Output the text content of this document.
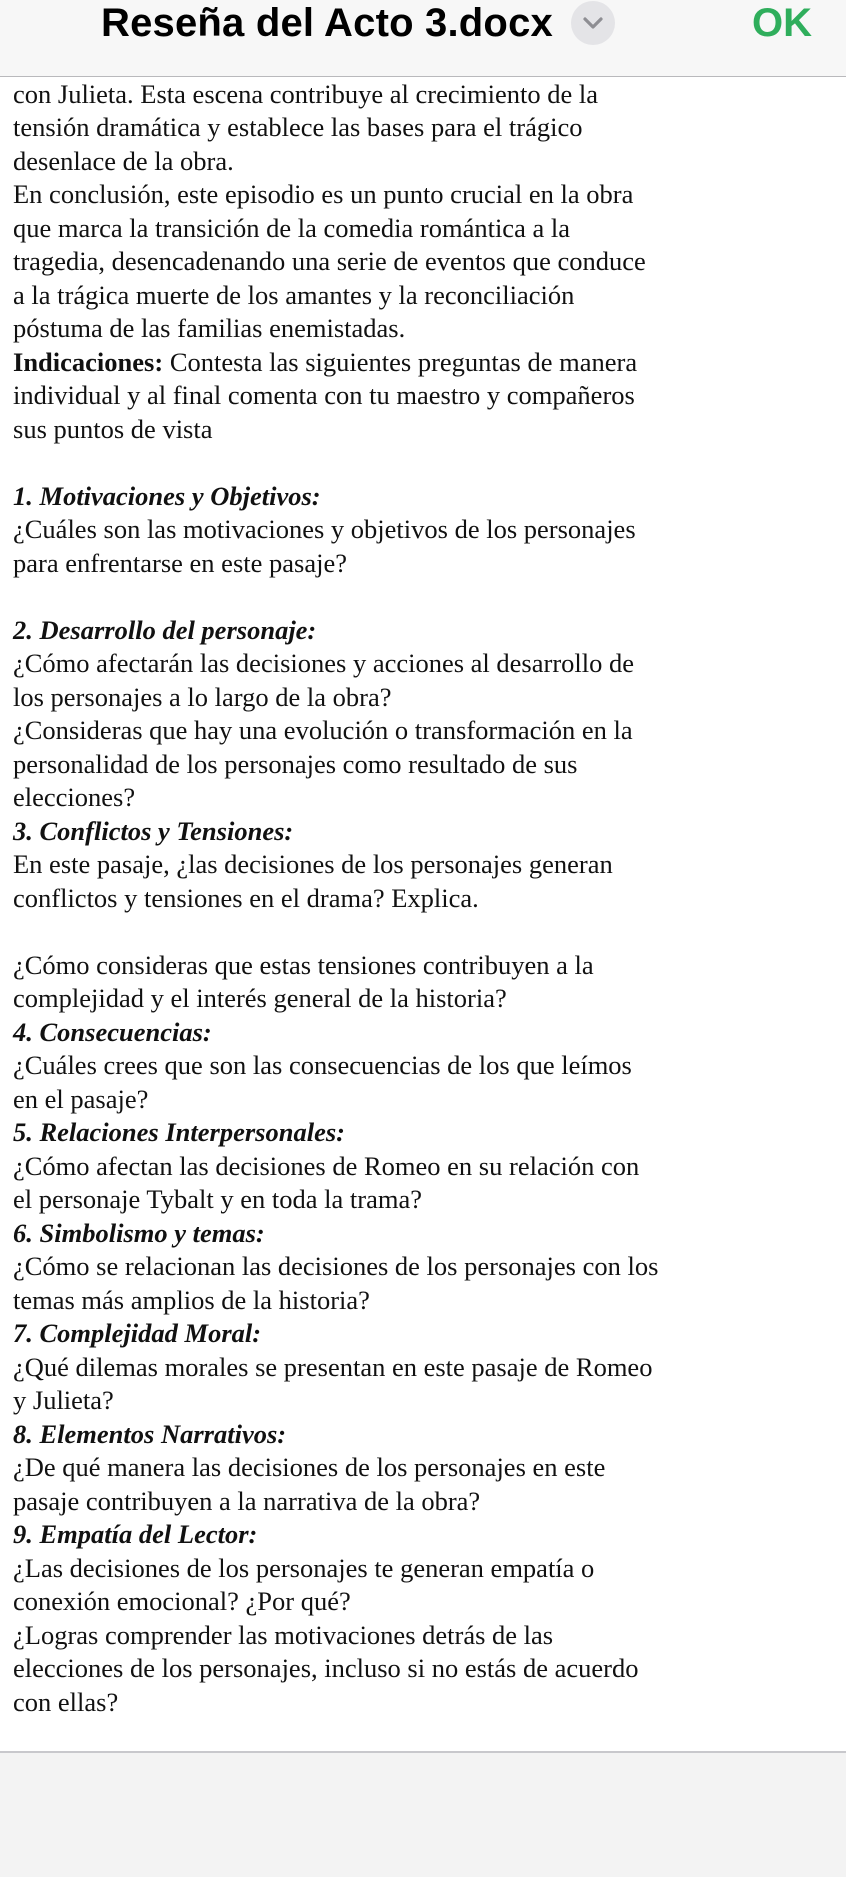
Reseña del Acto 3.docx	OK
con Julieta. Esta escena contribuye al crecimiento de la
tensión dramática y establece las bases para el trágico
desenlace de la obra.
En conclusión, este episodio es un punto crucial en la obra
que marca la transición de la comedia romántica a la
tragedia, desencadenando una serie de eventos que conduce
a la trágica muerte de los amantes y la reconciliación
póstuma de las familias enemistadas.
Indicaciones: Contesta las siguientes preguntas de manera
individual y al final comenta con tu maestro y compañeros
sus puntos de vista
1. Motivaciones y Objetivos:
¿Cuáles son las motivaciones y objetivos de los personajes
para enfrentarse en este pasaje?
2. Desarrollo del personaje:
¿Cómo afectarán las decisiones y acciones al desarrollo de
los personajes a lo largo de la obra?
¿Consideras que hay una evolución o transformación en la
personalidad de los personajes como resultado de sus
elecciones?
3. Conflictos y Tensiones:
En este pasaje, ¿las decisiones de los personajes generan
conflictos y tensiones en el drama? Explica.
¿Cómo consideras que estas tensiones contribuyen a la
complejidad y el interés general de la historia?
4. Consecuencias:
¿Cuáles crees que son las consecuencias de los que leímos
en el pasaje?
5. Relaciones Interpersonales:
¿Cómo afectan las decisiones de Romeo en su relación con
el personaje Tybalt y en toda la trama?
6. Simbolismo y temas:
¿Cómo se relacionan las decisiones de los personajes con los
temas más amplios de la historia?
7. Complejidad Moral:
¿Qué dilemas morales se presentan en este pasaje de Romeo
y Julieta?
8. Elementos Narrativos:
¿De qué manera las decisiones de los personajes en este
pasaje contribuyen a la narrativa de la obra?
9. Empatía del Lector:
¿Las decisiones de los personajes te generan empatía o
conexión emocional? ¿Por qué?
¿Logras comprender las motivaciones detrás de las
elecciones de los personajes, incluso si no estás de acuerdo
con ellas?
